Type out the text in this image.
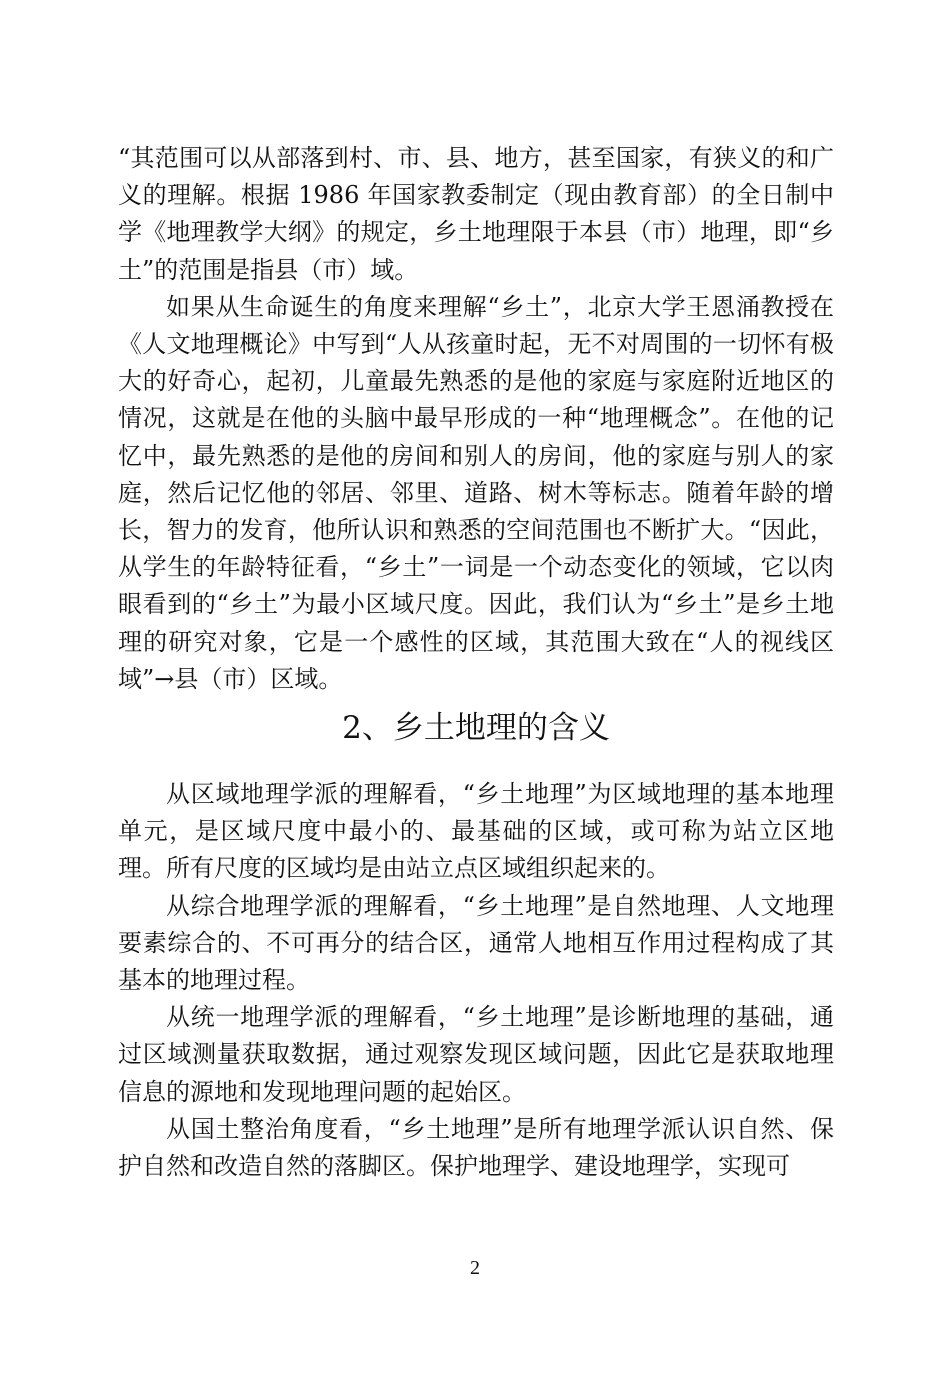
“其范围可以从部落到村、市、县、地方，甚至国家，有狭义的和广义的理解。根据 1986 年国家教委制定（现由教育部）的全日制中学《地理教学大纲》的规定，乡土地理限于本县（市）地理，即“乡土”的范围是指县（市）域。

如果从生命诞生的角度来理解“乡土”，北京大学王恩涌教授在《人文地理概论》中写到“人从孩童时起，无不对周围的一切怀有极大的好奇心，起初，儿童最先熟悉的是他的家庭与家庭附近地区的情况，这就是在他的头脑中最早形成的一种“地理概念”。在他的记忆中，最先熟悉的是他的房间和别人的房间，他的家庭与别人的家庭，然后记忆他的邻居、邻里、道路、树木等标志。随着年龄的增长，智力的发育，他所认识和熟悉的空间范围也不断扩大。“因此，从学生的年龄特征看，“乡土”一词是一个动态变化的领域，它以肉眼看到的“乡土”为最小区域尺度。因此，我们认为“乡土”是乡土地理的研究对象，它是一个感性的区域，其范围大致在“人的视线区域”→县（市）区域。

2、乡土地理的含义

从区域地理学派的理解看，“乡土地理”为区域地理的基本地理单元，是区域尺度中最小的、最基础的区域，或可称为站立区地理。所有尺度的区域均是由站立点区域组织起来的。

从综合地理学派的理解看，“乡土地理”是自然地理、人文地理要素综合的、不可再分的结合区，通常人地相互作用过程构成了其基本的地理过程。

从统一地理学派的理解看，“乡土地理”是诊断地理的基础，通过区域测量获取数据，通过观察发现区域问题，因此它是获取地理信息的源地和发现地理问题的起始区。

从国土整治角度看，“乡土地理”是所有地理学派认识自然、保护自然和改造自然的落脚区。保护地理学、建设地理学，实现可

2
